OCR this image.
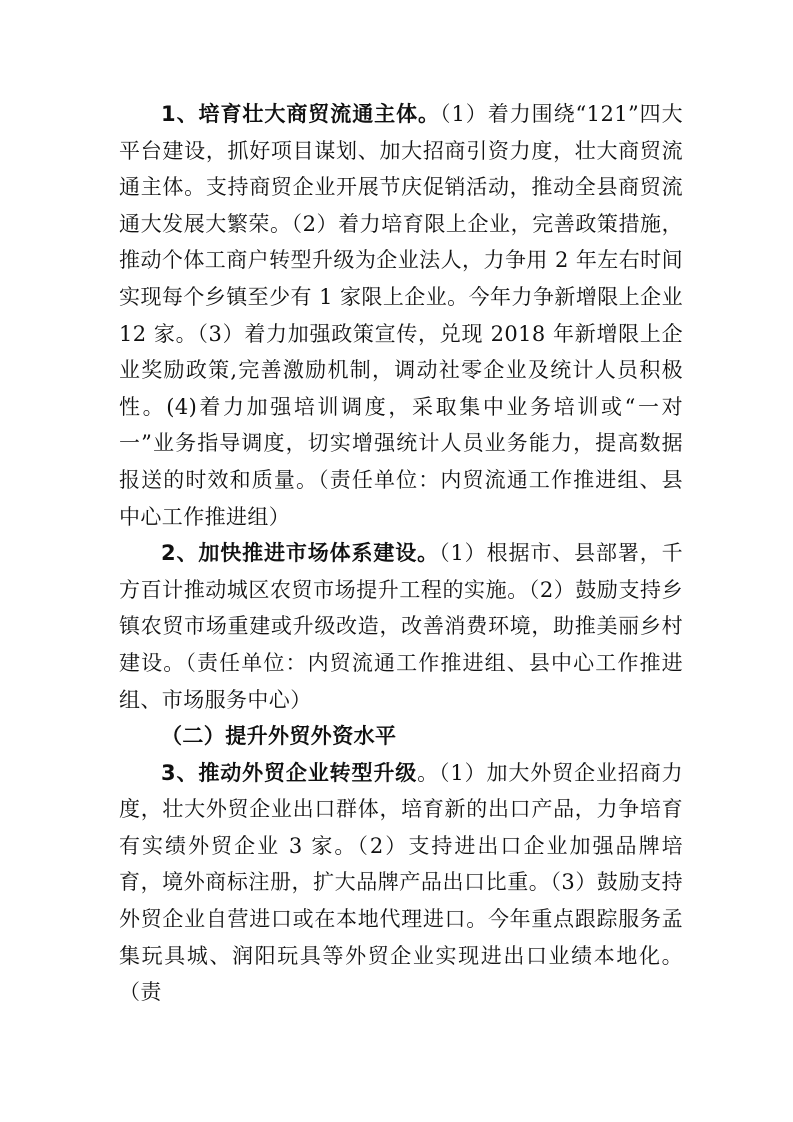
1、培育壮大商贸流通主体。（1）着力围绕“121”四大平台建设，抓好项目谋划、加大招商引资力度，壮大商贸流通主体。支持商贸企业开展节庆促销活动，推动全县商贸流通大发展大繁荣。（2）着力培育限上企业，完善政策措施，推动个体工商户转型升级为企业法人，力争用 2 年左右时间实现每个乡镇至少有 1 家限上企业。今年力争新增限上企业 12 家。（3）着力加强政策宣传，兑现 2018 年新增限上企业奖励政策,完善激励机制，调动社零企业及统计人员积极性。(4)着力加强培训调度，采取集中业务培训或“一对一”业务指导调度，切实增强统计人员业务能力，提高数据报送的时效和质量。（责任单位：内贸流通工作推进组、县中心工作推进组）

2、加快推进市场体系建设。（1）根据市、县部署，千方百计推动城区农贸市场提升工程的实施。（2）鼓励支持乡镇农贸市场重建或升级改造，改善消费环境，助推美丽乡村建设。（责任单位：内贸流通工作推进组、县中心工作推进组、市场服务中心）

（二）提升外贸外资水平

3、推动外贸企业转型升级。（1）加大外贸企业招商力度，壮大外贸企业出口群体，培育新的出口产品，力争培育有实绩外贸企业 3 家。（2）支持进出口企业加强品牌培育，境外商标注册，扩大品牌产品出口比重。（3）鼓励支持外贸企业自营进口或在本地代理进口。今年重点跟踪服务孟集玩具城、润阳玩具等外贸企业实现进出口业绩本地化。（责
